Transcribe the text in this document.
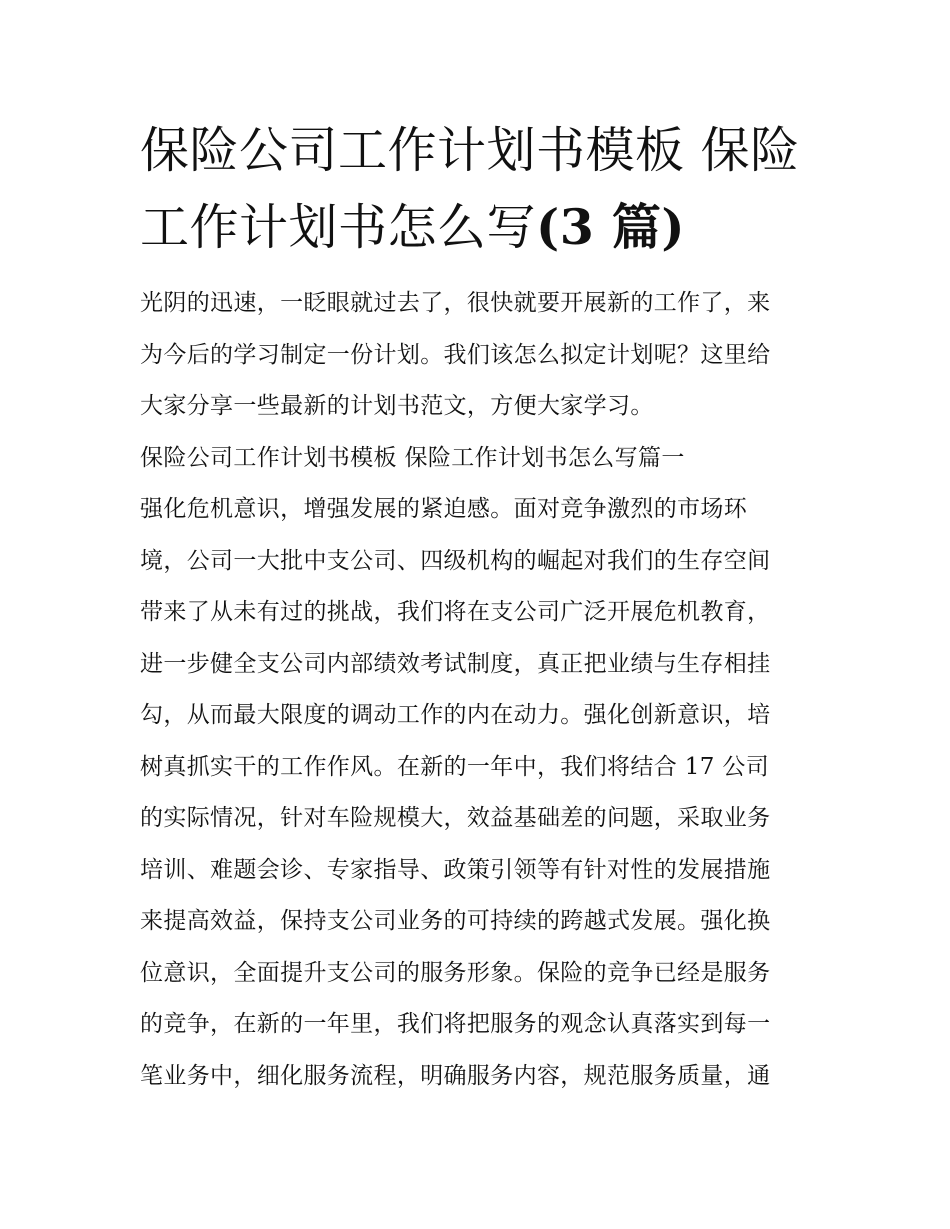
保险公司工作计划书模板 保险
工作计划书怎么写(3 篇)
光阴的迅速，一眨眼就过去了，很快就要开展新的工作了，来
为今后的学习制定一份计划。我们该怎么拟定计划呢？这里给
大家分享一些最新的计划书范文，方便大家学习。
保险公司工作计划书模板 保险工作计划书怎么写篇一
强化危机意识，增强发展的紧迫感。面对竞争激烈的市场环
境，公司一大批中支公司、四级机构的崛起对我们的生存空间
带来了从未有过的挑战，我们将在支公司广泛开展危机教育，
进一步健全支公司内部绩效考试制度，真正把业绩与生存相挂
勾，从而最大限度的调动工作的内在动力。强化创新意识，培
树真抓实干的工作作风。在新的一年中，我们将结合 17 公司
的实际情况，针对车险规模大，效益基础差的问题，采取业务
培训、难题会诊、专家指导、政策引领等有针对性的发展措施
来提高效益，保持支公司业务的可持续的跨越式发展。强化换
位意识，全面提升支公司的服务形象。保险的竞争已经是服务
的竞争，在新的一年里，我们将把服务的观念认真落实到每一
笔业务中，细化服务流程，明确服务内容，规范服务质量，通
